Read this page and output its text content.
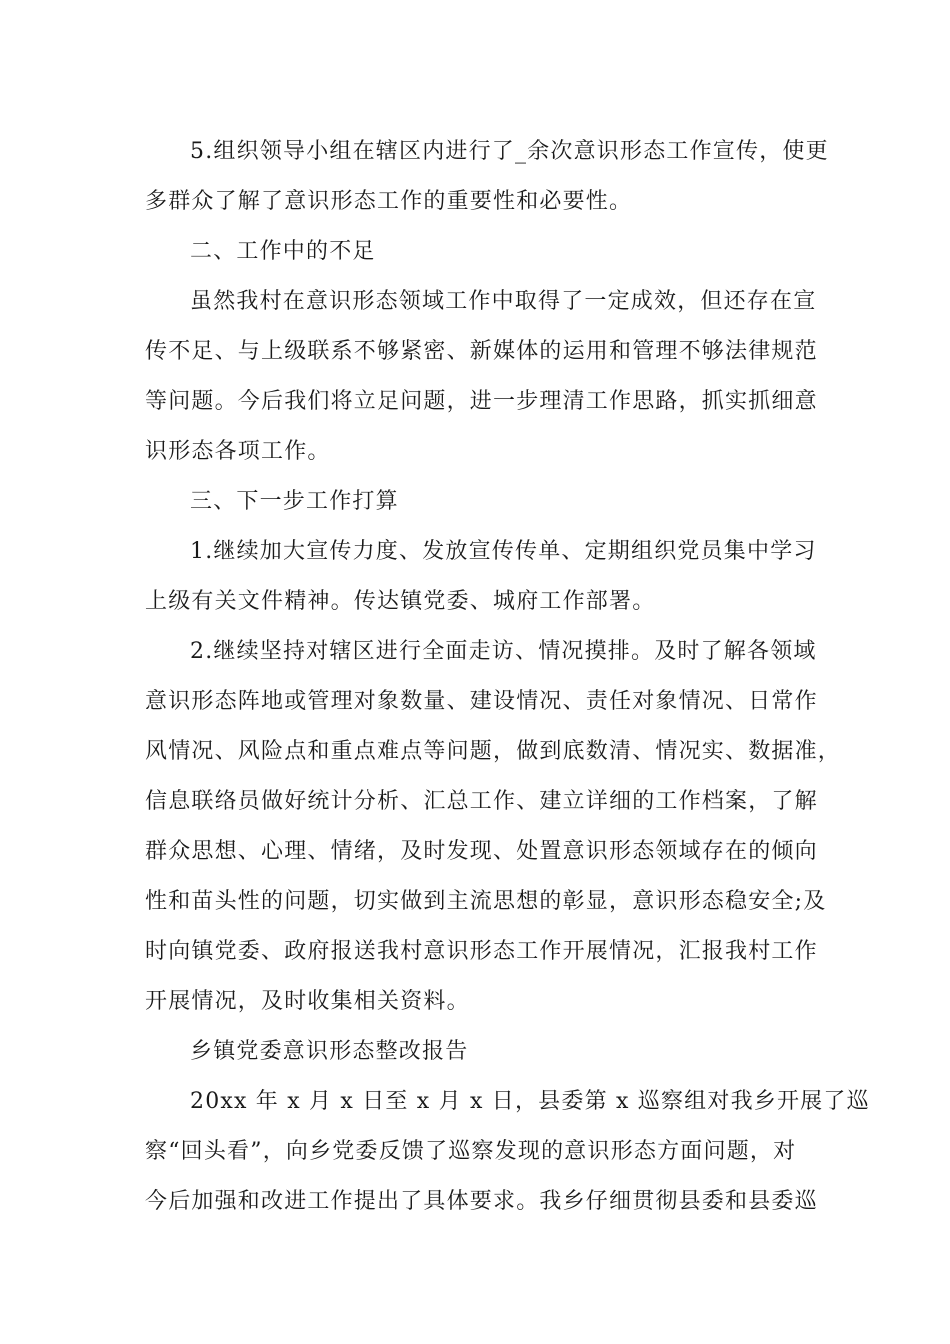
5.组织领导小组在辖区内进行了_余次意识形态工作宣传，使更
多群众了解了意识形态工作的重要性和必要性。
二、工作中的不足
虽然我村在意识形态领域工作中取得了一定成效，但还存在宣
传不足、与上级联系不够紧密、新媒体的运用和管理不够法律规范
等问题。今后我们将立足问题，进一步理清工作思路，抓实抓细意
识形态各项工作。
三、下一步工作打算
1.继续加大宣传力度、发放宣传传单、定期组织党员集中学习
上级有关文件精神。传达镇党委、城府工作部署。
2.继续坚持对辖区进行全面走访、情况摸排。及时了解各领域
意识形态阵地或管理对象数量、建设情况、责任对象情况、日常作
风情况、风险点和重点难点等问题，做到底数清、情况实、数据准，
信息联络员做好统计分析、汇总工作、建立详细的工作档案，了解
群众思想、心理、情绪，及时发现、处置意识形态领域存在的倾向
性和苗头性的问题，切实做到主流思想的彰显，意识形态稳安全;及
时向镇党委、政府报送我村意识形态工作开展情况，汇报我村工作
开展情况，及时收集相关资料。
乡镇党委意识形态整改报告
20xx 年 x 月 x 日至 x 月 x 日，县委第 x 巡察组对我乡开展了巡
察“回头看”，向乡党委反馈了巡察发现的意识形态方面问题，对
今后加强和改进工作提出了具体要求。我乡仔细贯彻县委和县委巡
